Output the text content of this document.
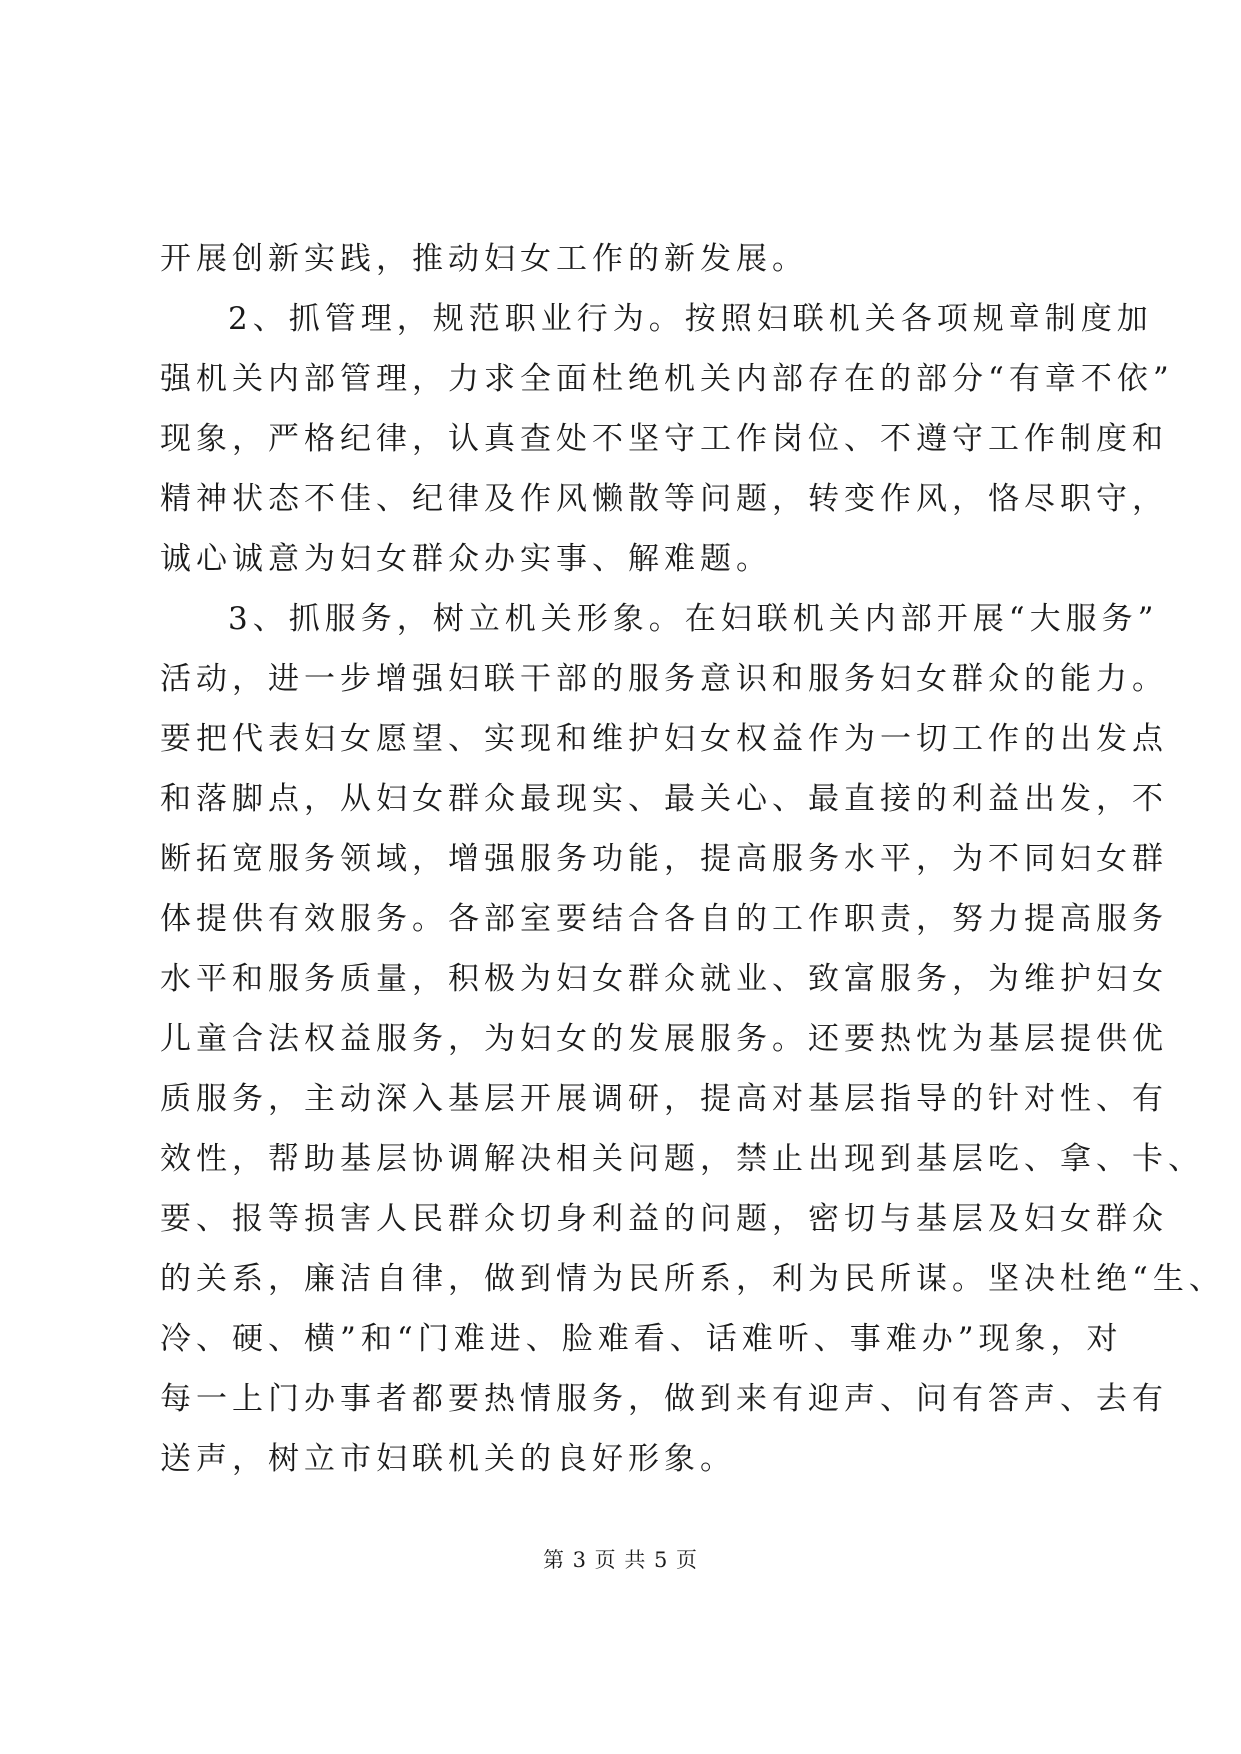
开展创新实践，推动妇女工作的新发展。
2、抓管理，规范职业行为。按照妇联机关各项规章制度加
强机关内部管理，力求全面杜绝机关内部存在的部分“有章不依”
现象，严格纪律，认真查处不坚守工作岗位、不遵守工作制度和
精神状态不佳、纪律及作风懒散等问题，转变作风，恪尽职守，
诚心诚意为妇女群众办实事、解难题。
3、抓服务，树立机关形象。在妇联机关内部开展“大服务”
活动，进一步增强妇联干部的服务意识和服务妇女群众的能力。
要把代表妇女愿望、实现和维护妇女权益作为一切工作的出发点
和落脚点，从妇女群众最现实、最关心、最直接的利益出发，不
断拓宽服务领域，增强服务功能，提高服务水平，为不同妇女群
体提供有效服务。各部室要结合各自的工作职责，努力提高服务
水平和服务质量，积极为妇女群众就业、致富服务，为维护妇女
儿童合法权益服务，为妇女的发展服务。还要热忱为基层提供优
质服务，主动深入基层开展调研，提高对基层指导的针对性、有
效性，帮助基层协调解决相关问题，禁止出现到基层吃、拿、卡、
要、报等损害人民群众切身利益的问题，密切与基层及妇女群众
的关系，廉洁自律，做到情为民所系，利为民所谋。坚决杜绝“生、
冷、硬、横”和“门难进、脸难看、话难听、事难办”现象，对
每一上门办事者都要热情服务，做到来有迎声、问有答声、去有
送声，树立市妇联机关的良好形象。
第 3 页 共 5 页
